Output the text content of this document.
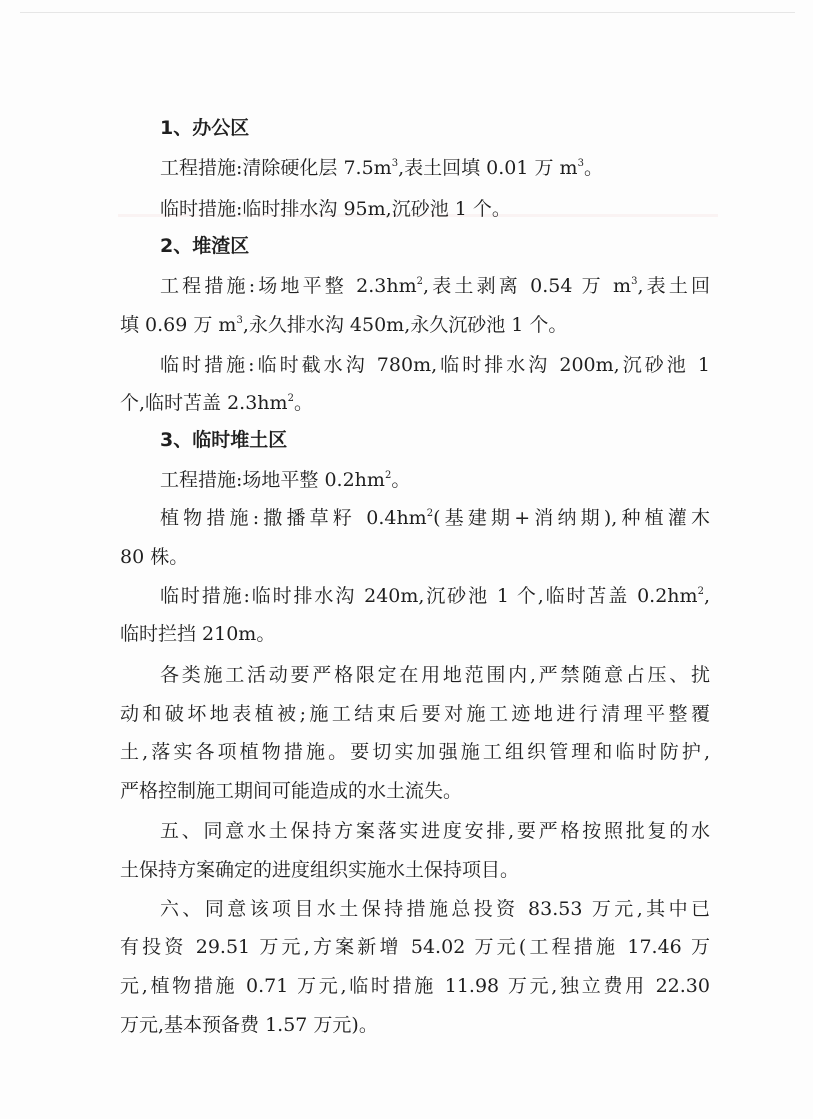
1、办公区
工程措施:清除硬化层 $7.5m^3$,表土回填 0.01 万 $m^3$。
临时措施:临时排水沟 95m,沉砂池 1 个。
2、堆渣区
工程措施:场地平整 $2.3hm^2$,表土剥离 0.54 万 $m^3$,表土回
填 0.69 万 $m^3$,永久排水沟 450m,永久沉砂池 1 个。
临时措施:临时截水沟 780m,临时排水沟 200m,沉砂池 1
个,临时苫盖 $2.3hm^2$。
3、临时堆土区
工程措施:场地平整 $0.2hm^2$。
植物措施:撒播草籽 $0.4hm^2$(基建期+消纳期),种植灌木
80 株。
临时措施:临时排水沟 240m,沉砂池 1 个,临时苫盖 $0.2hm^2$,
临时拦挡 210m。
各类施工活动要严格限定在用地范围内,严禁随意占压、扰
动和破坏地表植被;施工结束后要对施工迹地进行清理平整覆
土,落实各项植物措施。要切实加强施工组织管理和临时防护,
严格控制施工期间可能造成的水土流失。
五、同意水土保持方案落实进度安排,要严格按照批复的水
土保持方案确定的进度组织实施水土保持项目。
六、同意该项目水土保持措施总投资 83.53 万元,其中已
有投资 29.51 万元,方案新增 54.02 万元(工程措施 17.46 万
元,植物措施 0.71 万元,临时措施 11.98 万元,独立费用 22.30
万元,基本预备费 1.57 万元)。
